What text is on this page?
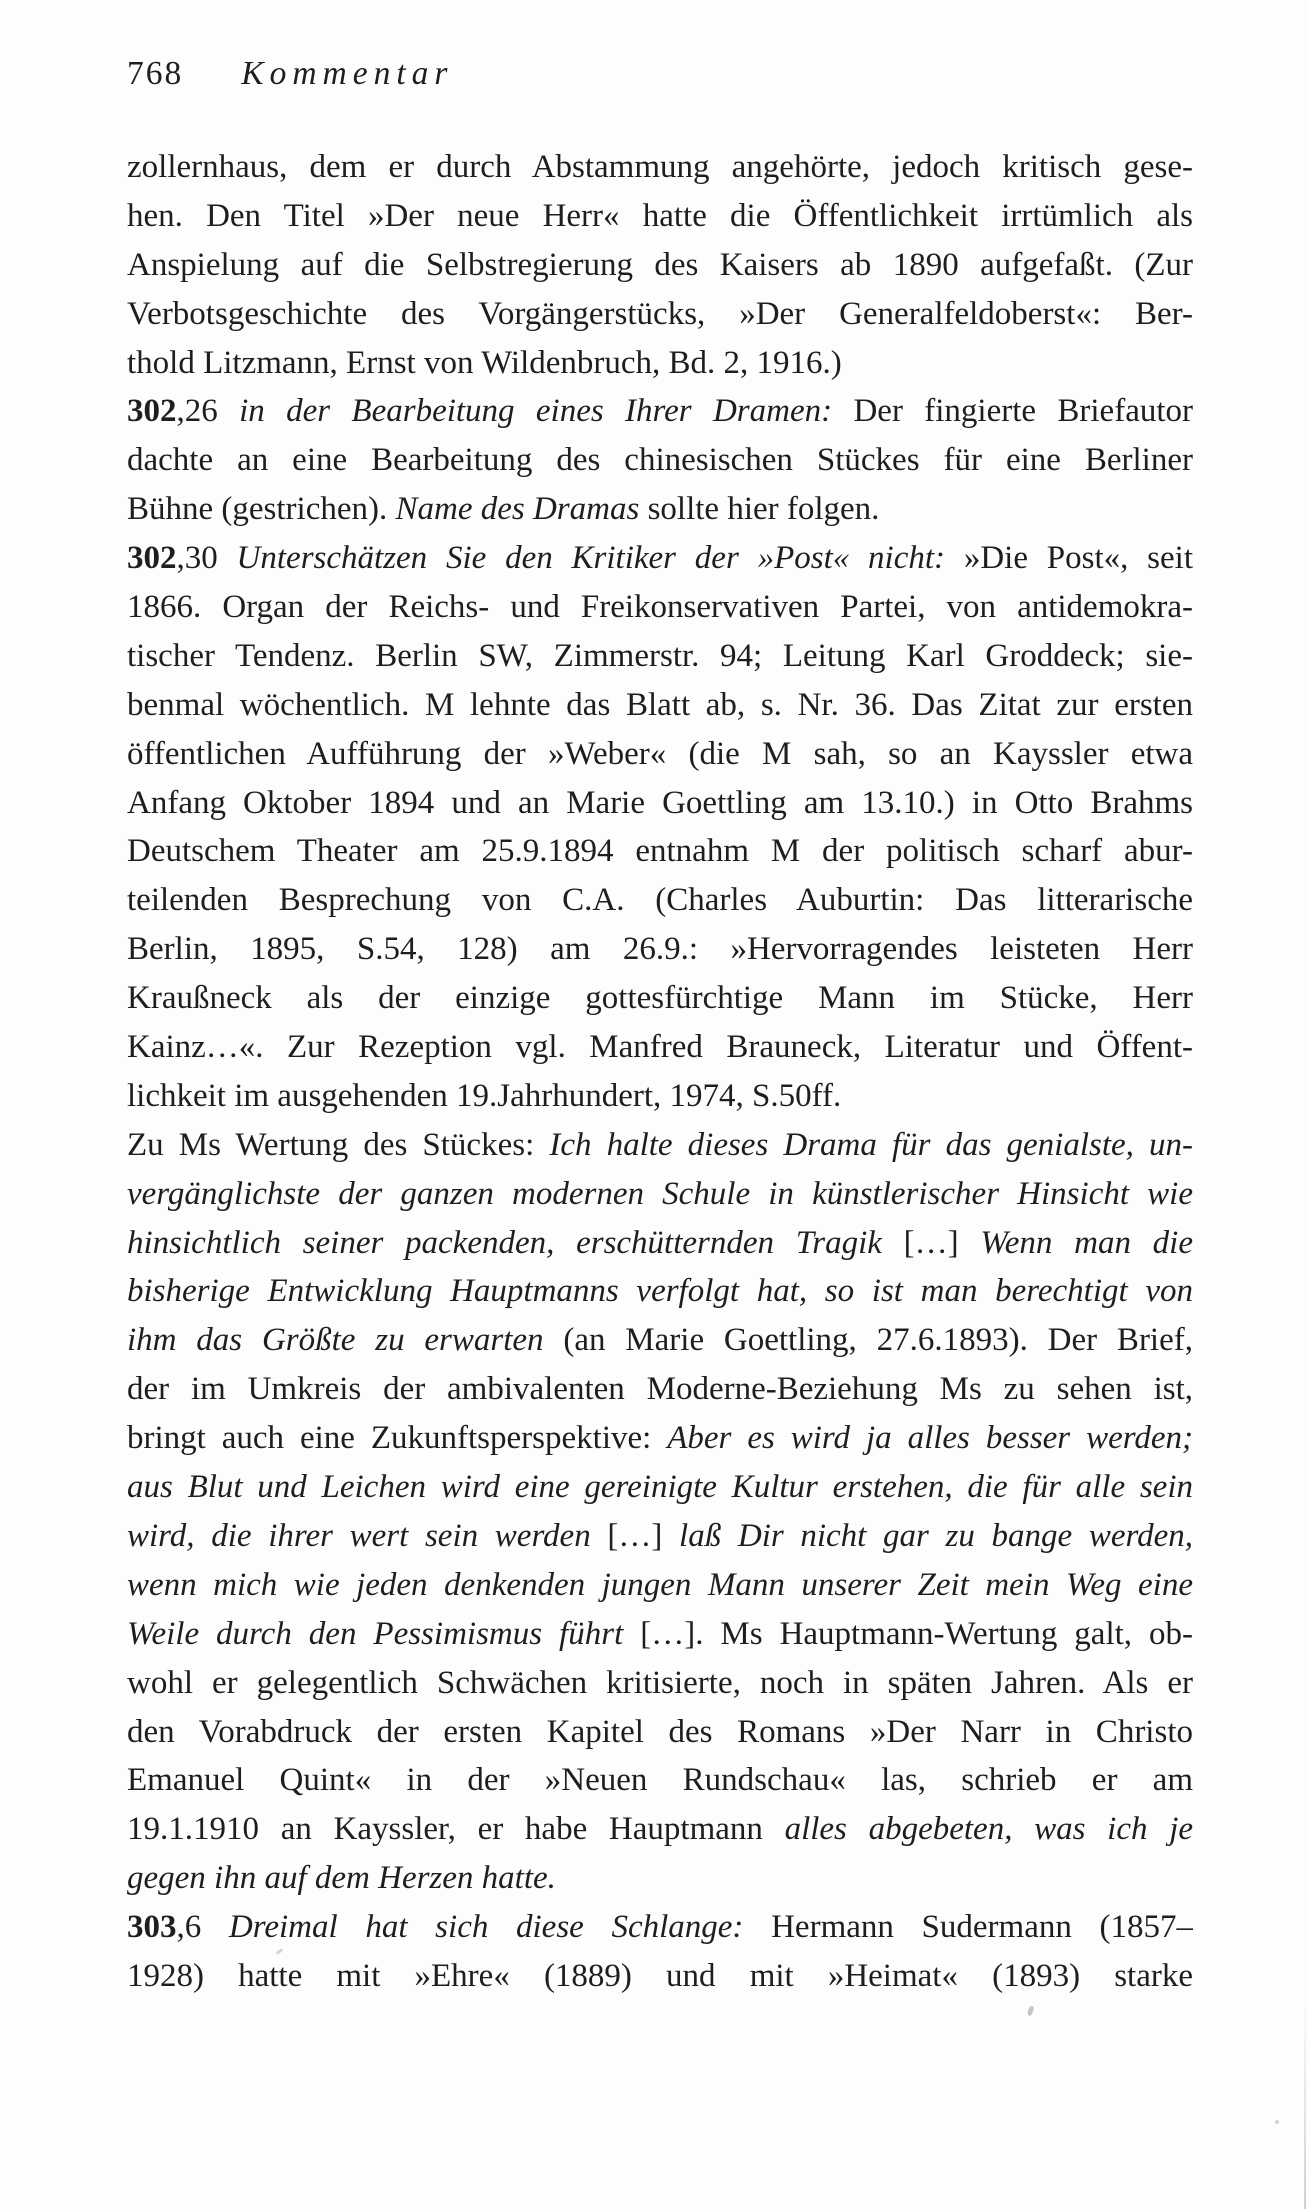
768 Kommentar
zollernhaus, dem er durch Abstammung angehörte, jedoch kritisch gese-
hen. Den Titel »Der neue Herr« hatte die Öffentlichkeit irrtümlich als
Anspielung auf die Selbstregierung des Kaisers ab 1890 aufgefaßt. (Zur
Verbotsgeschichte des Vorgängerstücks, »Der Generalfeldoberst«: Ber-
thold Litzmann, Ernst von Wildenbruch, Bd. 2, 1916.)
302,26 in der Bearbeitung eines Ihrer Dramen: Der fingierte Briefautor
dachte an eine Bearbeitung des chinesischen Stückes für eine Berliner
Bühne (gestrichen). Name des Dramas sollte hier folgen.
302,30 Unterschätzen Sie den Kritiker der »Post« nicht: »Die Post«, seit
1866. Organ der Reichs- und Freikonservativen Partei, von antidemokra-
tischer Tendenz. Berlin SW, Zimmerstr. 94; Leitung Karl Groddeck; sie-
benmal wöchentlich. M lehnte das Blatt ab, s. Nr. 36. Das Zitat zur ersten
öffentlichen Aufführung der »Weber« (die M sah, so an Kayssler etwa
Anfang Oktober 1894 und an Marie Goettling am 13.10.) in Otto Brahms
Deutschem Theater am 25.9.1894 entnahm M der politisch scharf abur-
teilenden Besprechung von C.A. (Charles Auburtin: Das litterarische
Berlin, 1895, S.54, 128) am 26.9.: »Hervorragendes leisteten Herr
Kraußneck als der einzige gottesfürchtige Mann im Stücke, Herr
Kainz…«. Zur Rezeption vgl. Manfred Brauneck, Literatur und Öffent-
lichkeit im ausgehenden 19.Jahrhundert, 1974, S.50ff.
Zu Ms Wertung des Stückes: Ich halte dieses Drama für das genialste, un-
vergänglichste der ganzen modernen Schule in künstlerischer Hinsicht wie
hinsichtlich seiner packenden, erschütternden Tragik […] Wenn man die
bisherige Entwicklung Hauptmanns verfolgt hat, so ist man berechtigt von
ihm das Größte zu erwarten (an Marie Goettling, 27.6.1893). Der Brief,
der im Umkreis der ambivalenten Moderne-Beziehung Ms zu sehen ist,
bringt auch eine Zukunftsperspektive: Aber es wird ja alles besser werden;
aus Blut und Leichen wird eine gereinigte Kultur erstehen, die für alle sein
wird, die ihrer wert sein werden […] laß Dir nicht gar zu bange werden,
wenn mich wie jeden denkenden jungen Mann unserer Zeit mein Weg eine
Weile durch den Pessimismus führt […]. Ms Hauptmann-Wertung galt, ob-
wohl er gelegentlich Schwächen kritisierte, noch in späten Jahren. Als er
den Vorabdruck der ersten Kapitel des Romans »Der Narr in Christo
Emanuel Quint« in der »Neuen Rundschau« las, schrieb er am
19.1.1910 an Kayssler, er habe Hauptmann alles abgebeten, was ich je
gegen ihn auf dem Herzen hatte.
303,6 Dreimal hat sich diese Schlange: Hermann Sudermann (1857–
1928) hatte mit »Ehre« (1889) und mit »Heimat« (1893) starke
